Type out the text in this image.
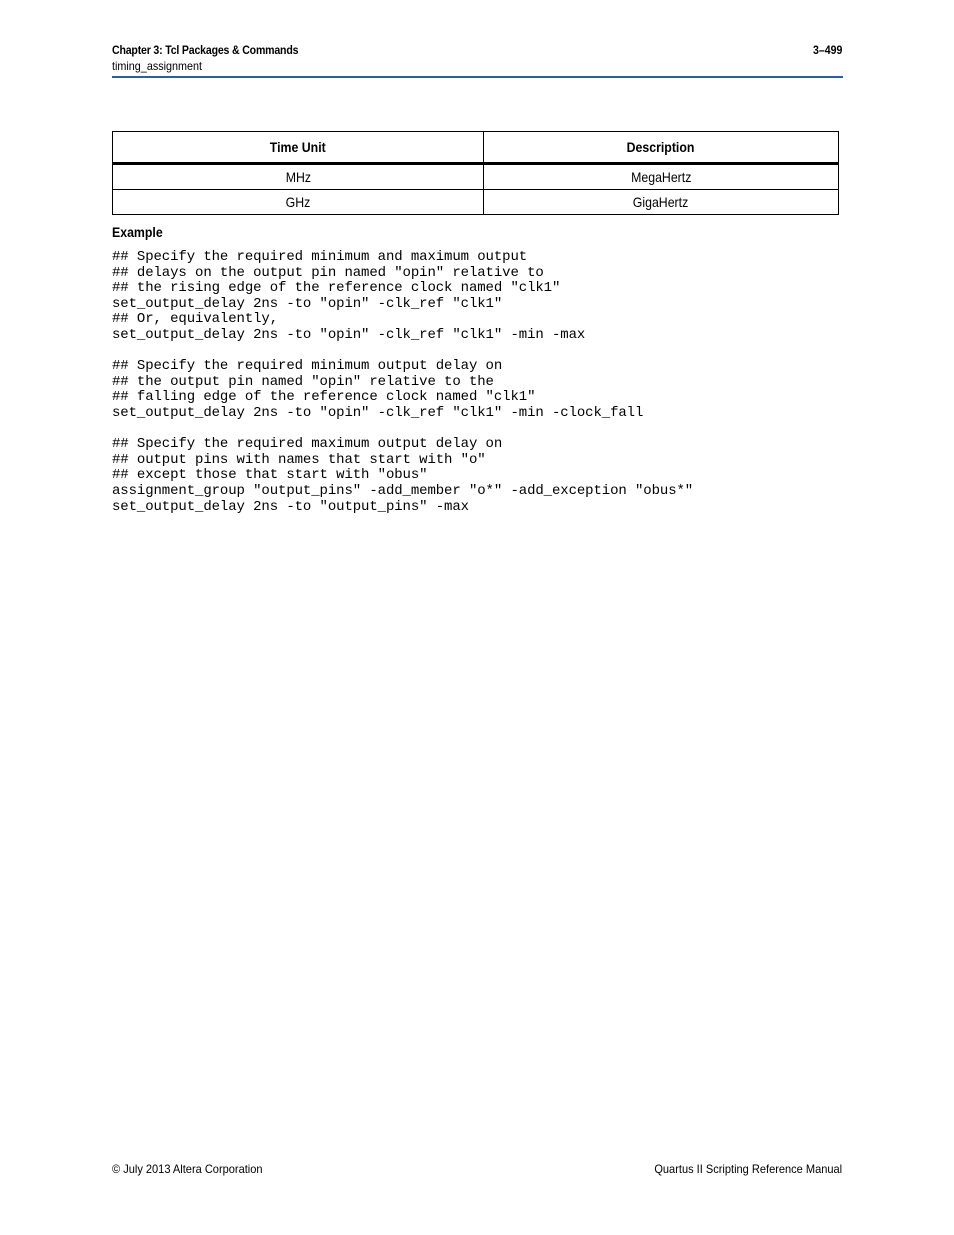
Chapter 3: Tcl Packages & Commands
timing_assignment
3–499
Time Unit	Description
MHz	MegaHertz
GHz	GigaHertz
Example
## Specify the required minimum and maximum output
## delays on the output pin named "opin" relative to
## the rising edge of the reference clock named "clk1"
set_output_delay 2ns -to "opin" -clk_ref "clk1"
## Or, equivalently,
set_output_delay 2ns -to "opin" -clk_ref "clk1" -min -max
## Specify the required minimum output delay on
## the output pin named "opin" relative to the
## falling edge of the reference clock named "clk1"
set_output_delay 2ns -to "opin" -clk_ref "clk1" -min -clock_fall
## Specify the required maximum output delay on
## output pins with names that start with "o"
## except those that start with "obus"
assignment_group "output_pins" -add_member "o*" -add_exception "obus*"
set_output_delay 2ns -to "output_pins" -max
© July 2013 Altera Corporation	Quartus II Scripting Reference Manual
